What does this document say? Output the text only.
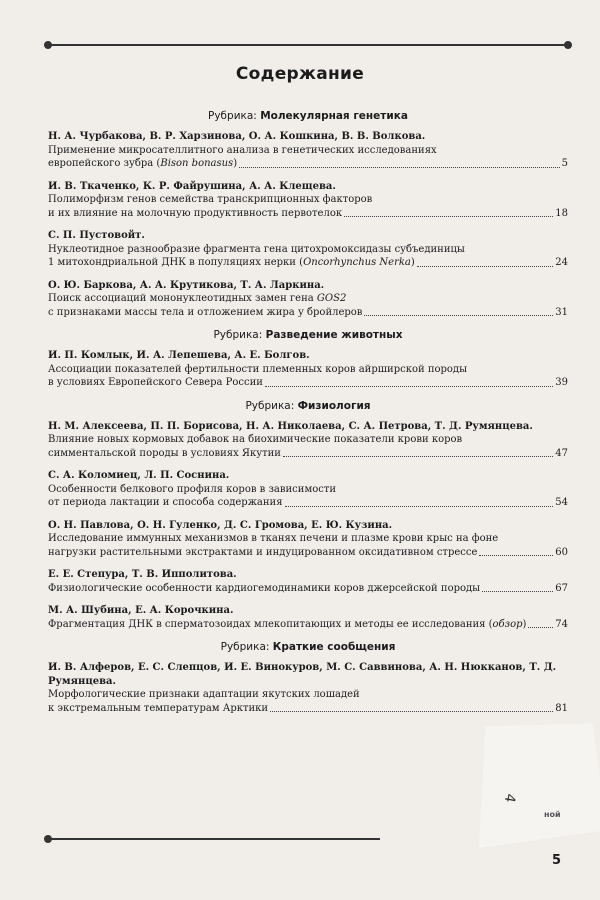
Содержание
Рубрика: Молекулярная генетика
Н. А. Чурбакова, В. Р. Харзинова, О. А. Кошкина, В. В. Волкова.
Применение микросателлитного анализа в генетических исследованиях
европейского зубра (Bison bonasus)	5
И. В. Ткаченко, К. Р. Файрушина, А. А. Клещева.
Полиморфизм генов семейства транскрипционных факторов
и их влияние на молочную продуктивность первотелок	18
С. П. Пустовойт.
Нуклеотидное разнообразие фрагмента гена цитохромоксидазы субъединицы
1 митохондриальной ДНК в популяциях нерки (Oncorhynchus Nerka)	24
О. Ю. Баркова, А. А. Крутикова, Т. А. Ларкина.
Поиск ассоциаций мононуклеотидных замен гена GOS2
с признаками массы тела и отложением жира у бройлеров	31
Рубрика: Разведение животных
И. П. Комлык, И. А. Лепешева, А. Е. Болгов.
Ассоциации показателей фертильности племенных коров айрширской породы
в условиях Европейского Севера России	39
Рубрика: Физиология
Н. М. Алексеева, П. П. Борисова, Н. А. Николаева, С. А. Петрова, Т. Д. Румянцева.
Влияние новых кормовых добавок на биохимические показатели крови коров
симментальской породы в условиях Якутии	47
С. А. Коломиец, Л. П. Соснина.
Особенности белкового профиля коров в зависимости
от периода лактации и способа содержания	54
О. Н. Павлова, О. Н. Гуленко, Д. С. Громова, Е. Ю. Кузина.
Исследование иммунных механизмов в тканях печени и плазме крови крыс на фоне
нагрузки растительными экстрактами и индуцированном оксидативном стрессе	60
Е. Е. Степура, Т. В. Ипполитова.
Физиологические особенности кардиогемодинамики коров джерсейской породы	67
М. А. Шубина, Е. А. Корочкина.
Фрагментация ДНК в сперматозоидах млекопитающих и методы ее исследования (обзор)	74
Рубрика: Краткие сообщения
И. В. Алферов, Е. С. Слепцов, И. Е. Винокуров, М. С. Саввинова, А. Н. Нюкканов, Т. Д. Румянцева.
Морфологические признаки адаптации якутских лошадей
к экстремальным температурам Арктики	81
4
ной
5
